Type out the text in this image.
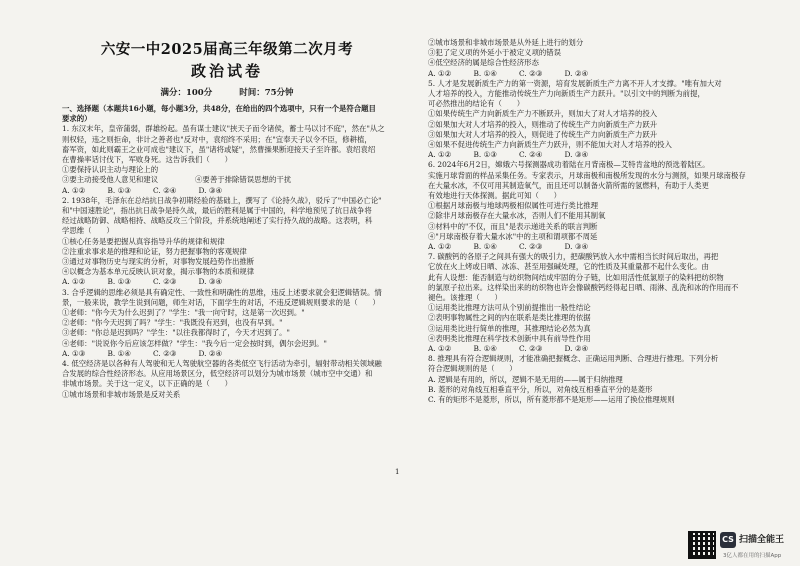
六安一中2025届高三年级第二次月考
政治试卷
满分：100分	时间：75分钟
一、选择题（本题共16小题，每小题3分，共48分，在给出的四个选项中，只有一个是符合题目
要求的）
1. 东汉末年，皇帝蒲弱，群雄纷起。虽有谋士建议"挟天子而令诸侯，蓄士马以讨不庭"，然在"从之
则权轻，违之则拒命，非计之善者也"反对中，袁绍终不采用；在"宜奉天子以令不臣，修耕植，
畜军资，如此则霸王之业可成也"建议下，虽"诸将或疑"，然曹操果断迎接天子至许都。袁绍袁绍
在曹操率话讨伐下，军败身死。这告诉我们（　　）
①要保持认识主动与理论上的
③要主动接受他人意见和建议　　　　　④要善于排除错误思想的干扰
A. ①②　　　B. ①③　　　C. ②④　　　D. ③④
2. 1938年，毛泽东在总结抗日战争初期经验的基础上，撰写了《论持久战》，驳斥了"中国必亡论"
和"中国速胜论"，指出抗日战争是持久战，最后的胜利是属于中国的，科学地预见了抗日战争将
经过战略防御、战略相持、战略反攻三个阶段，并系统地阐述了实行持久战的战略。这表明，科
学思维（　　）
①核心任务是要把握从真容指导升华的规律和规律
②注重求事求是的推理和论证，努力把握事物的客观规律
③通过对事物历史与现实的分析，对事物发展趋势作出推断
④以概念为基本单元反映认识对象，揭示事物的本质和规律
A. ①②　　　B. ①③　　　C. ②③　　　D. ③④
3. 合乎逻辑的思维必须是具有确定性、一致性和明确性的思维，违反上述要求就会犯逻辑错误。情
景，一般来说，教学生说到问题，师生对话，下面学生的对话，不违反逻辑规则要求的是（　　）
①老师："你今天为什么迟到了？"学生："我一向守时，这是第一次迟到。"
②老师："你今天迟到了吗？"学生："我既没有迟到，也没有早到。"
③老师："你总是迟到吗？"学生："以往我都得时了，今天才迟到了。"
④老师："说说你今后应该怎样做？"学生："我今后一定会按时到，偶尔会迟到。"
A. ①③　　　B. ①④　　　C. ②③　　　D. ②④
4. 低空经济是以各种有人驾驶和无人驾驶航空器的各类低空飞行活动为牵引，辐射带动相关领域融
合发展的综合性经济形态。从应用场景区分，低空经济可以划分为城市场景（城市空中交通）和
非城市场景。关于这一定义，以下正确的是（　　）
①城市场景和非城市场景是反对关系
②城市场景和非城市场景是从外延上进行的划分
③犯了定义项的外延小于被定义项的错误
④低空经济的属是综合性经济形态
A. ①②　　　B. ①④　　　C. ②③　　　D. ②④
5. 人才是发展新质生产力的第一资源，培育发展新质生产力离不开人才支撑。"唯有加大对
人才培养的投入，方能推动传统生产力向新质生产力跃升。"以引文中的判断为前提，
可必然推出的结论有（　　）
①如果传统生产力向新质生产力不断跃升，则加大了对人才培养的投入
②如果加大对人才培养的投入，则推动了传统生产力向新质生产力跃升
③如果加大对人才培养的投入，则促进了传统生产力向新质生产力跃升
④如果不促进传统生产力向新质生产力跃升，则不能加大对人才培养的投入
A. ①②　　　B. ①③　　　C. ②④　　　D. ③④
6. 2024年6月2日，嫦娥六号探测器成功着陆在月背南极—艾特肯盆地的预选着陆区。
实施月球背面的样品采集任务。专家表示，月球南极和南极所发现的水分与测预，如果月球南极存
在大量水冰，不仅可用其制造氧气，而且还可以制备火箭所需的氢燃料，有助于人类更
有效地进行天体探测。据此可知（　　）
①根据月球南极与地球两极相似属性可进行类比推理
②除非月球南极存在大量水冰，否则人们不能用其制氧
③材料中的"不仅，而且"是表示递进关系的联言判断
④"月球南极存着大量水冰"中的主项和谓项都不周延
A. ①②　　　B. ①④　　　C. ②③　　　D. ③④
7. 碳酸钙的各原子之间具有强大的吸引力，把碳酸钙放入水中需相当长时间后取出，再把
它放在火上烤或日晒、冰冻、甚至用强碱处理，它的性质及其重量都不起什么变化。由
此有人设想：能否制造与纺织物间结成牢固的分子链，比如用活性低氯原子的染料把纺织物
的氯原子拉出来。这样染出来的纺织物也许会像碳酸钙经得起日晒、雨淋、乱洗和冰的作用而不
褪色。该推理（　　）
①运用类比推理方法可从个别前提推出一般性结论
②表明事物属性之间的内在联系是类比推理的依据
③运用类比进行简单的推理，其推理结论必然为真
④表明类比推理在科学技术创新中具有前导性作用
A. ①②　　　B. ①④　　　C. ②③　　　D. ②④
8. 推理具有符合逻辑规则，才能准确把握概念、正确运用判断、合理进行推理。下列分析
符合逻辑规则的是（　　）
A. 逻辑是有用的，所以，逻辑不是无用的——属于归纳推理
B. 菱形的对角线互相垂直平分，所以，对角线互相垂直平分的是菱形
C. 有的矩形不是菱形，所以，所有菱形都不是矩形——运用了换位推理规则
1
CS 扫描全能王
3亿人都在用的扫描App
